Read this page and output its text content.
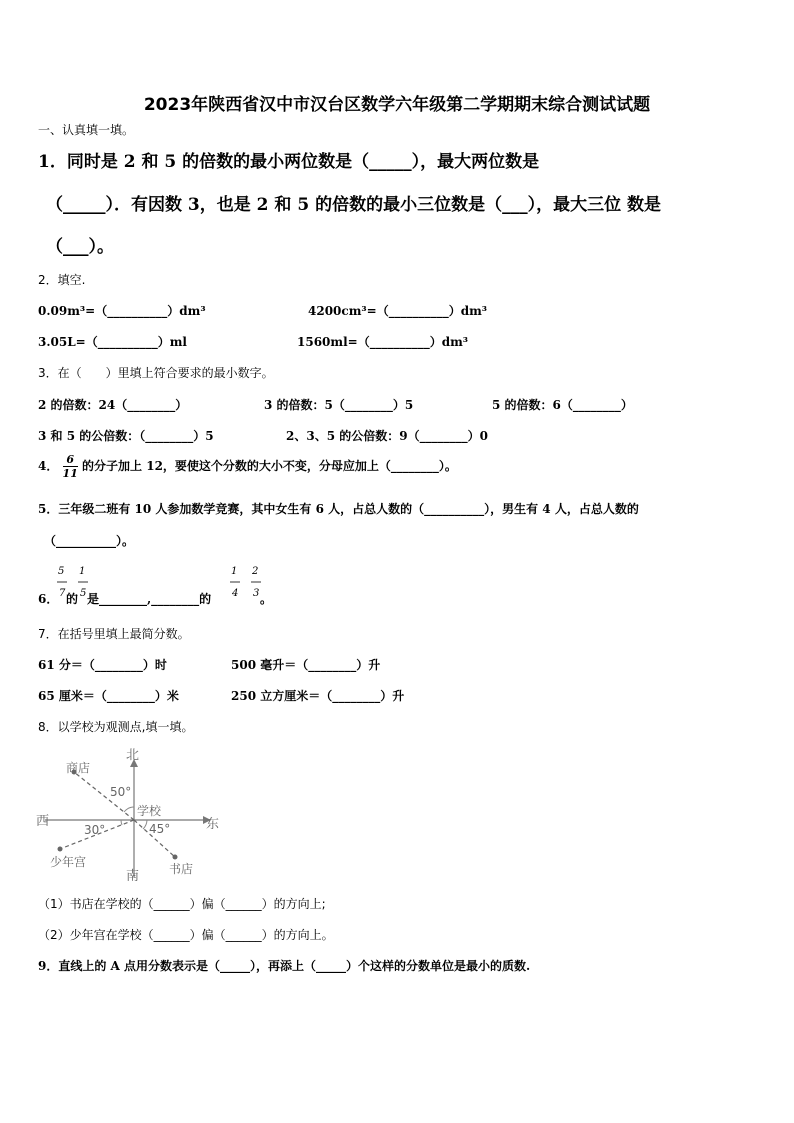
2023年陕西省汉中市汉台区数学六年级第二学期期末综合测试试题
一、认真填一填。
1．同时是 2 和 5 的倍数的最小两位数是（_____），最大两位数是
（_____）．有因数 3，也是 2 和 5 的倍数的最小三位数是（___），最大三位 数是
（___）。
2．填空.
0.09m³=（__________）dm³	4200cm³=（__________）dm³
3.05L=（__________）ml	1560ml=（__________）dm³
3．在（　　）里填上符合要求的最小数字。
2 的倍数：24（________）	3 的倍数：5（________）5	5 的倍数：6（________）
3 和 5 的公倍数：（________）5	2、3、5 的公倍数：9（________）0
4． $\frac{6}{11}$ 的分子加上 12，要使这个分数的大小不变，分母应加上（________）。
5．三年级二班有 10 人参加数学竞赛，其中女生有 6 人，占总人数的（__________），男生有 4 人，占总人数的
（__________）。
5 1	1 2
6． 7 的 5 是________,________的 4 3 。
7．在括号里填上最简分数。
61 分＝（________）时	500 毫升＝（________）升
65 厘米＝（________）米	250 立方厘米＝（________）升
8．以学校为观测点,填一填。
北
南
东
西
学校
商店
少年宫	书店
50°
30°	45°
（1）书店在学校的（______）偏（______）的方向上;
（2）少年宫在学校（______）偏（______）的方向上。
9．直线上的 A 点用分数表示是（_____），再添上（_____）个这样的分数单位是最小的质数.
